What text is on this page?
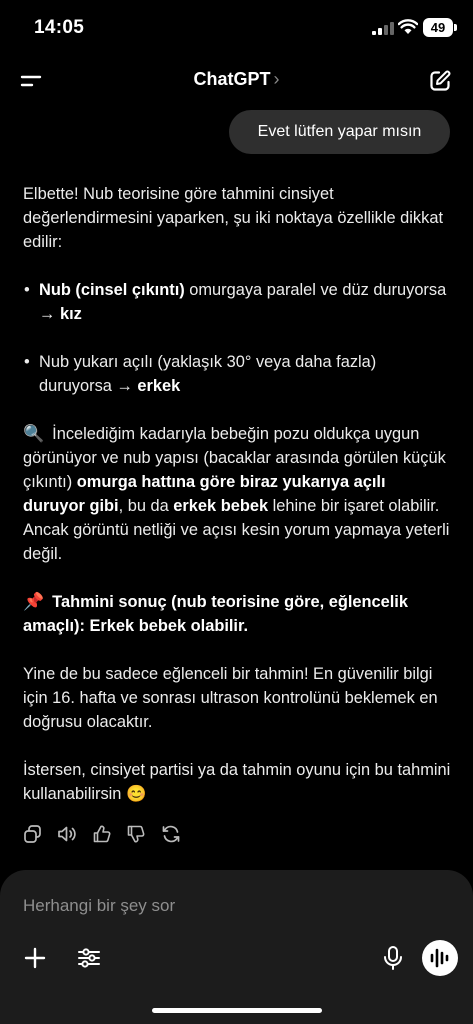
14:05	49
ChatGPT ›
Evet lütfen yapar mısın

Elbette! Nub teorisine göre tahmini cinsiyet değerlendirmesini yaparken, şu iki noktaya özellikle dikkat edilir:

• Nub (cinsel çıkıntı) omurgaya paralel ve düz duruyorsa → kız

• Nub yukarı açılı (yaklaşık 30° veya daha fazla) duruyorsa → erkek

🔍 İncelediğim kadarıyla bebeğin pozu oldukça uygun görünüyor ve nub yapısı (bacaklar arasında görülen küçük çıkıntı) omurga hattına göre biraz yukarıya açılı duruyor gibi, bu da erkek bebek lehine bir işaret olabilir. Ancak görüntü netliği ve açısı kesin yorum yapmaya yeterli değil.

📌 Tahmini sonuç (nub teorisine göre, eğlencelik amaçlı): Erkek bebek olabilir.

Yine de bu sadece eğlenceli bir tahmin! En güvenilir bilgi için 16. hafta ve sonrası ultrason kontrolünü beklemek en doğrusu olacaktır.

İstersen, cinsiyet partisi ya da tahmin oyunu için bu tahmini kullanabilirsin 😊

Herhangi bir şey sor
